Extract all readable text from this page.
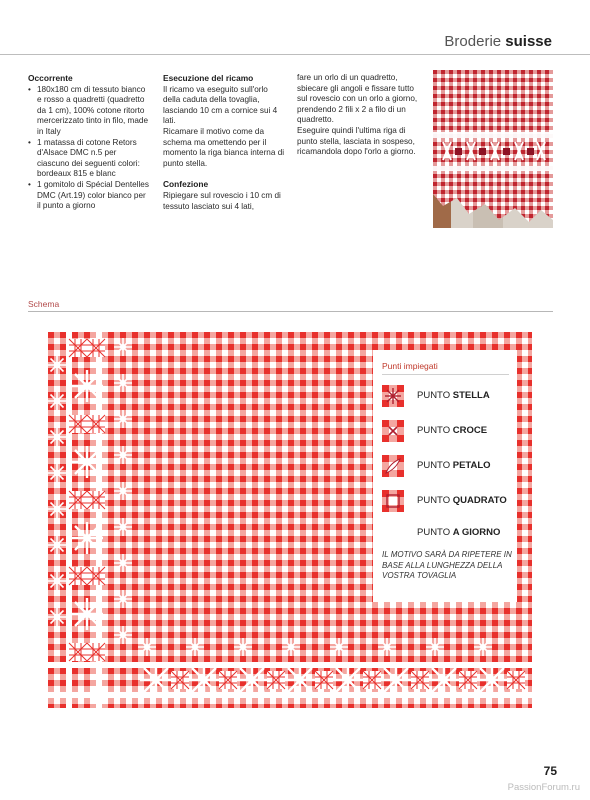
Broderie suisse
Occorrente
• 180x180 cm di tessuto bianco e rosso a quadretti (quadretto da 1 cm), 100% cotone ritorto mercerizzato tinto in filo, made in Italy
• 1 matassa di cotone Retors d'Alsace DMC n.5 per ciascuno dei seguenti colori: bordeaux 815 e blanc
• 1 gomitolo di Spécial Dentelles DMC (Art.19) color bianco per il punto a giorno
Esecuzione del ricamo

Il ricamo va eseguito sull'orlo della caduta della tovaglia, lasciando 10 cm a cornice sui 4 lati.

Ricamare il motivo come da schema ma omettendo per il momento la riga bianca interna di punto stella.

Confezione

Ripiegare sul rovescio i 10 cm di tessuto lasciato sui 4 lati,

fare un orlo di un quadretto, sbiecare gli angoli e fissare tutto sul rovescio con un orlo a giorno, prendendo 2 fili x 2 a filo di un quadretto.

Eseguire quindi l'ultima riga di punto stella, lasciata in sospeso, ricamandola dopo l'orlo a giorno.

Schema
Punti impiegati
PUNTO STELLA
PUNTO CROCE
PUNTO PETALO
PUNTO QUADRATO
PUNTO A GIORNO
IL MOTIVO SARÀ DA RIPETERE IN BASE ALLA LUNGHEZZA DELLA VOSTRA TOVAGLIA
75
PassionForum.ru
